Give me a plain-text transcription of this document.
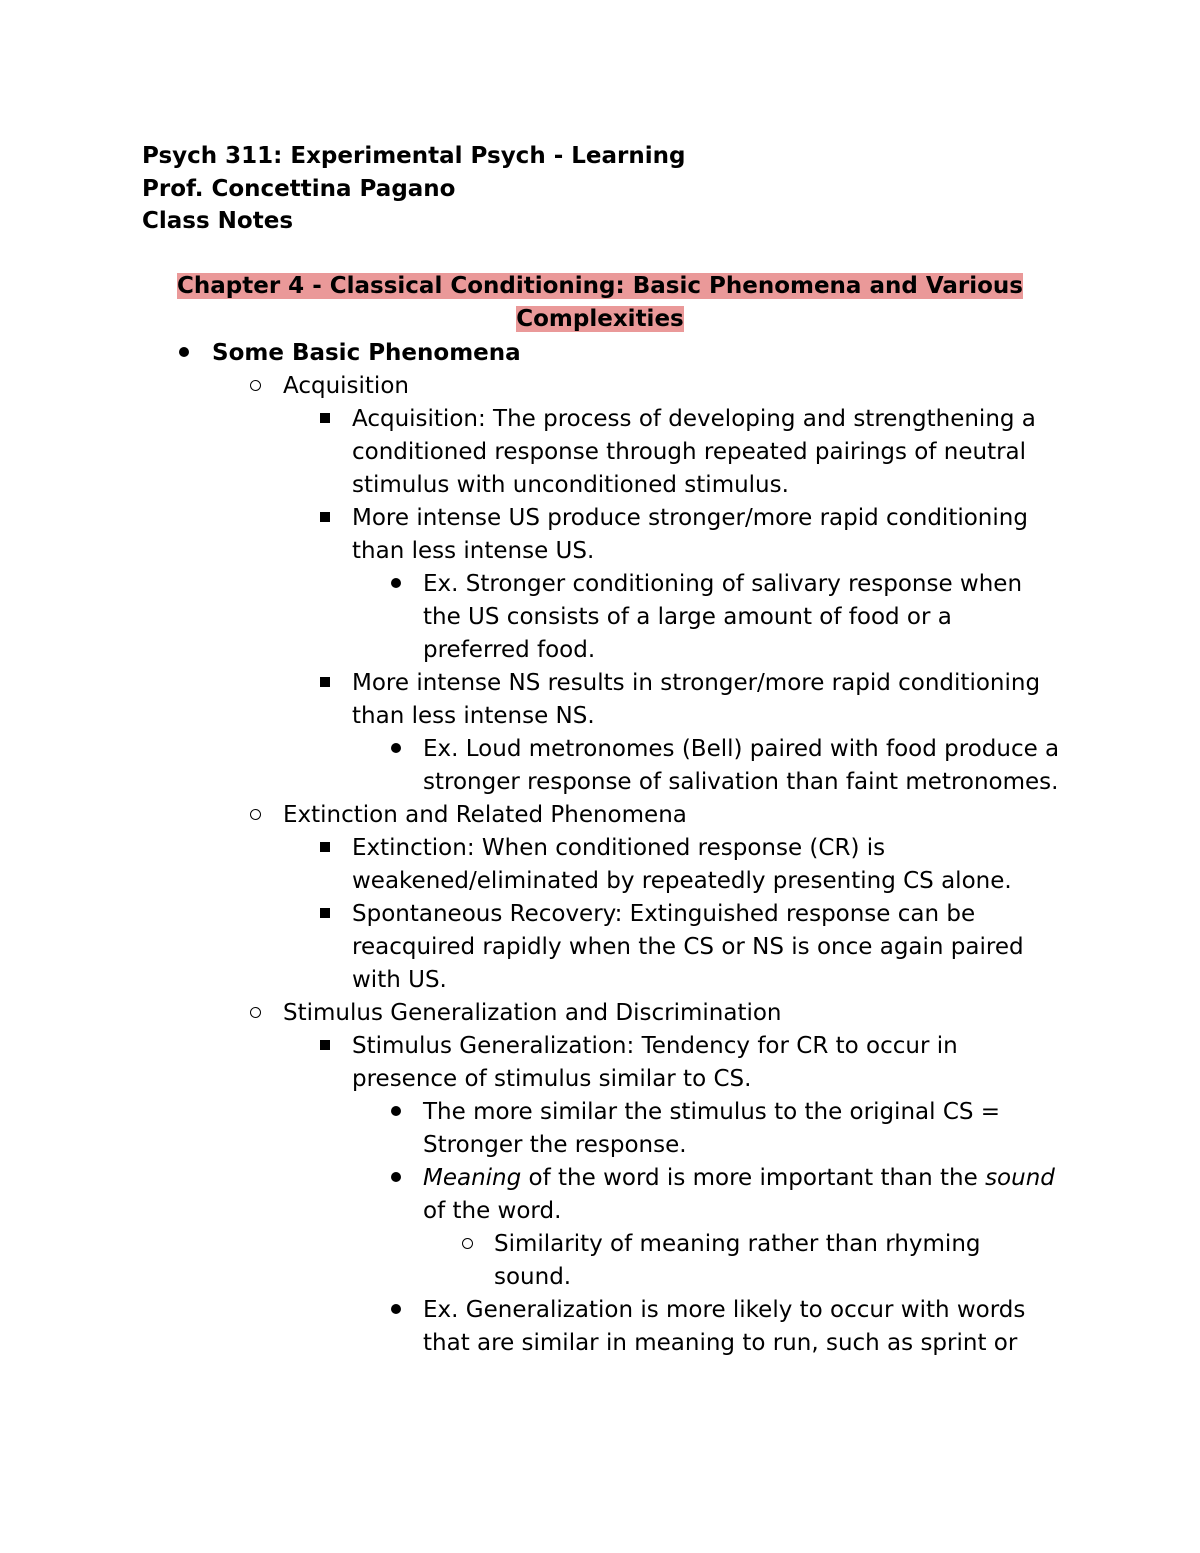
Psych 311: Experimental Psych - Learning
Prof. Concettina Pagano
Class Notes
Chapter 4 - Classical Conditioning: Basic Phenomena and Various
Complexities
Some Basic Phenomena
Acquisition
Acquisition: The process of developing and strengthening a conditioned response through repeated pairings of neutral stimulus with unconditioned stimulus.
More intense US produce stronger/more rapid conditioning than less intense US.
Ex. Stronger conditioning of salivary response when the US consists of a large amount of food or a preferred food.
More intense NS results in stronger/more rapid conditioning than less intense NS.
Ex. Loud metronomes (Bell) paired with food produce a stronger response of salivation than faint metronomes.
Extinction and Related Phenomena
Extinction: When conditioned response (CR) is weakened/eliminated by repeatedly presenting CS alone.
Spontaneous Recovery: Extinguished response can be reacquired rapidly when the CS or NS is once again paired with US.
Stimulus Generalization and Discrimination
Stimulus Generalization: Tendency for CR to occur in presence of stimulus similar to CS.
The more similar the stimulus to the original CS = Stronger the response.
Meaning of the word is more important than the sound of the word.
Similarity of meaning rather than rhyming sound.
Ex. Generalization is more likely to occur with words that are similar in meaning to run, such as sprint or
